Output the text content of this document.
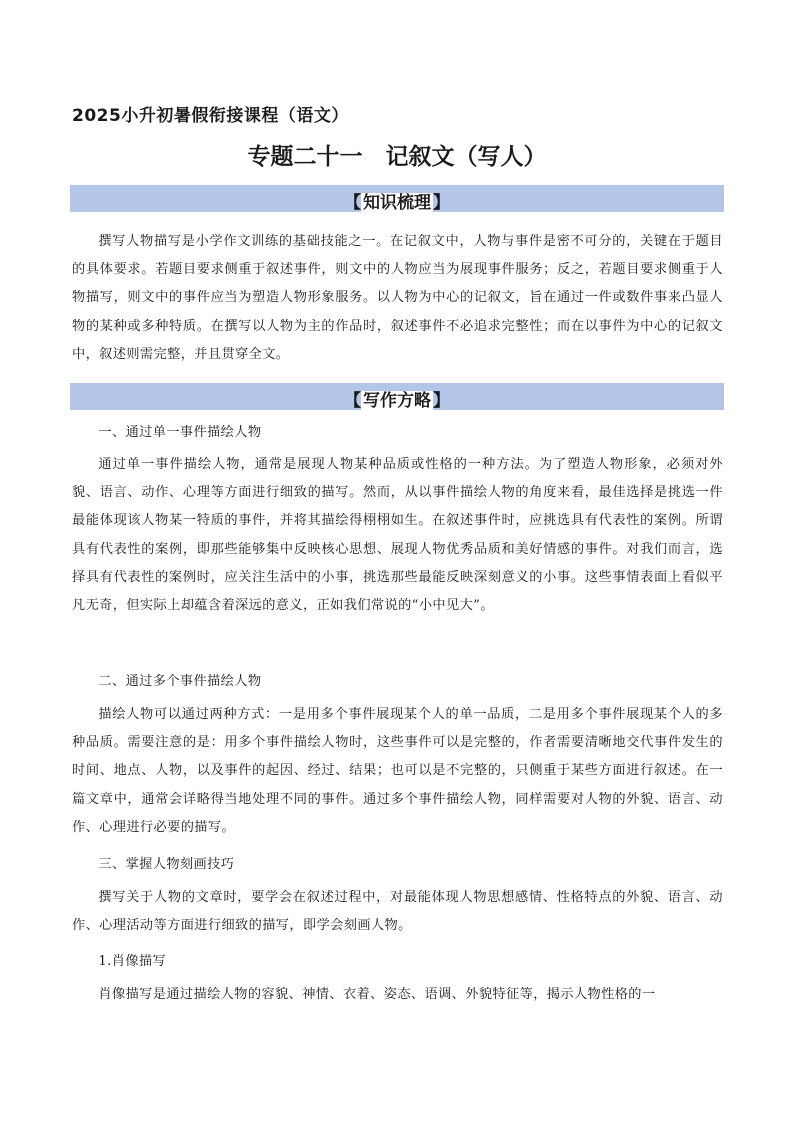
2025小升初暑假衔接课程（语文）
专题二十一　记叙文（写人）
【 知识梳理 】
撰写人物描写是小学作文训练的基础技能之一。在记叙文中，人物与事件是密不可分的，关键在于题目的具体要求。若题目要求侧重于叙述事件，则文中的人物应当为展现事件服务；反之，若题目要求侧重于人物描写，则文中的事件应当为塑造人物形象服务。以人物为中心的记叙文，旨在通过一件或数件事来凸显人物的某种或多种特质。在撰写以人物为主的作品时，叙述事件不必追求完整性；而在以事件为中心的记叙文中，叙述则需完整，并且贯穿全文。
【 写作方略 】
一、通过单一事件描绘人物
通过单一事件描绘人物，通常是展现人物某种品质或性格的一种方法。为了塑造人物形象，必须对外貌、语言、动作、心理等方面进行细致的描写。然而，从以事件描绘人物的角度来看，最佳选择是挑选一件最能体现该人物某一特质的事件，并将其描绘得栩栩如生。在叙述事件时，应挑选具有代表性的案例。所谓具有代表性的案例，即那些能够集中反映核心思想、展现人物优秀品质和美好情感的事件。对我们而言，选择具有代表性的案例时，应关注生活中的小事，挑选那些最能反映深刻意义的小事。这些事情表面上看似平凡无奇，但实际上却蕴含着深远的意义，正如我们常说的“小中见大”。
二、通过多个事件描绘人物
描绘人物可以通过两种方式：一是用多个事件展现某个人的单一品质，二是用多个事件展现某个人的多种品质。需要注意的是：用多个事件描绘人物时，这些事件可以是完整的，作者需要清晰地交代事件发生的时间、地点、人物，以及事件的起因、经过、结果；也可以是不完整的，只侧重于某些方面进行叙述。在一篇文章中，通常会详略得当地处理不同的事件。通过多个事件描绘人物，同样需要对人物的外貌、语言、动作、心理进行必要的描写。
三、掌握人物刻画技巧
撰写关于人物的文章时，要学会在叙述过程中，对最能体现人物思想感情、性格特点的外貌、语言、动作、心理活动等方面进行细致的描写，即学会刻画人物。
1.肖像描写
肖像描写是通过描绘人物的容貌、神情、衣着、姿态、语调、外貌特征等，揭示人物性格的一
